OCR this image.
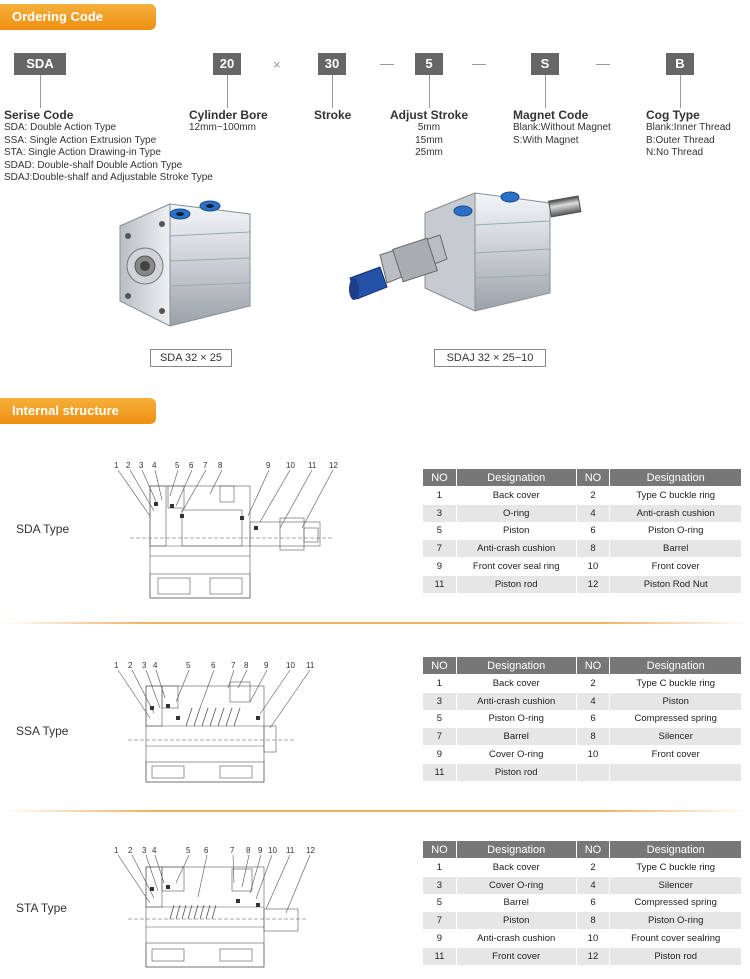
Ordering Code
SDA	20	×	30	5	S	B
Serise Code
SDA: Double Action Type
SSA: Single Action Extrusion Type
STA: Single Action Drawing-in Type
SDAD: Double-shalf Double Action Type
SDAJ:Double-shalf and Adjustable Stroke Type
Cylinder Bore
12mm~100mm
Stroke	Adjust Stroke
5mm
15mm
25mm
Magnet Code
Blank:Without Magnet
S:With Magnet
Cog Type
Blank:Inner Thread
B:Outer Thread
N:No Thread
SDA 32 × 25	SDAJ 32 × 25−10
Internal structure
SDA Type
1 2 3 4 5 6 7 8	9 10 11 12
NO	Designation	NO	Designation
1	Back cover	2	Type C buckle ring
3	O-ring	4	Anti-crash cushion
5	Piston	6	Piston O-ring
7	Anti-crash cushion	8	Barrel
9	Front cover seal ring	10	Front cover
11	Piston rod	12	Piston Rod Nut
SSA Type
1 2 3 4	5	6 7 8 9 10 11	NO	Designation	NO	Designation
1	Back cover	2	Type C buckle ring
3	Anti-crash cushion	4	Piston
5	Piston O-ring	6	Compressed spring
7	Barrel	8	Silencer
9	Cover O-ring	10	Front cover
11	Piston rod		
STA Type
1 2 3 4	5 6	7 8 9 10 11 12	NO	Designation	NO	Designation
1	Back cover	2	Type C buckle ring
3	Cover O-ring	4	Silencer
5	Barrel	6	Compressed spring
7	Piston	8	Piston O-ring
9	Anti-crash cushion	10	Frount cover sealring
11	Front cover	12	Piston rod
